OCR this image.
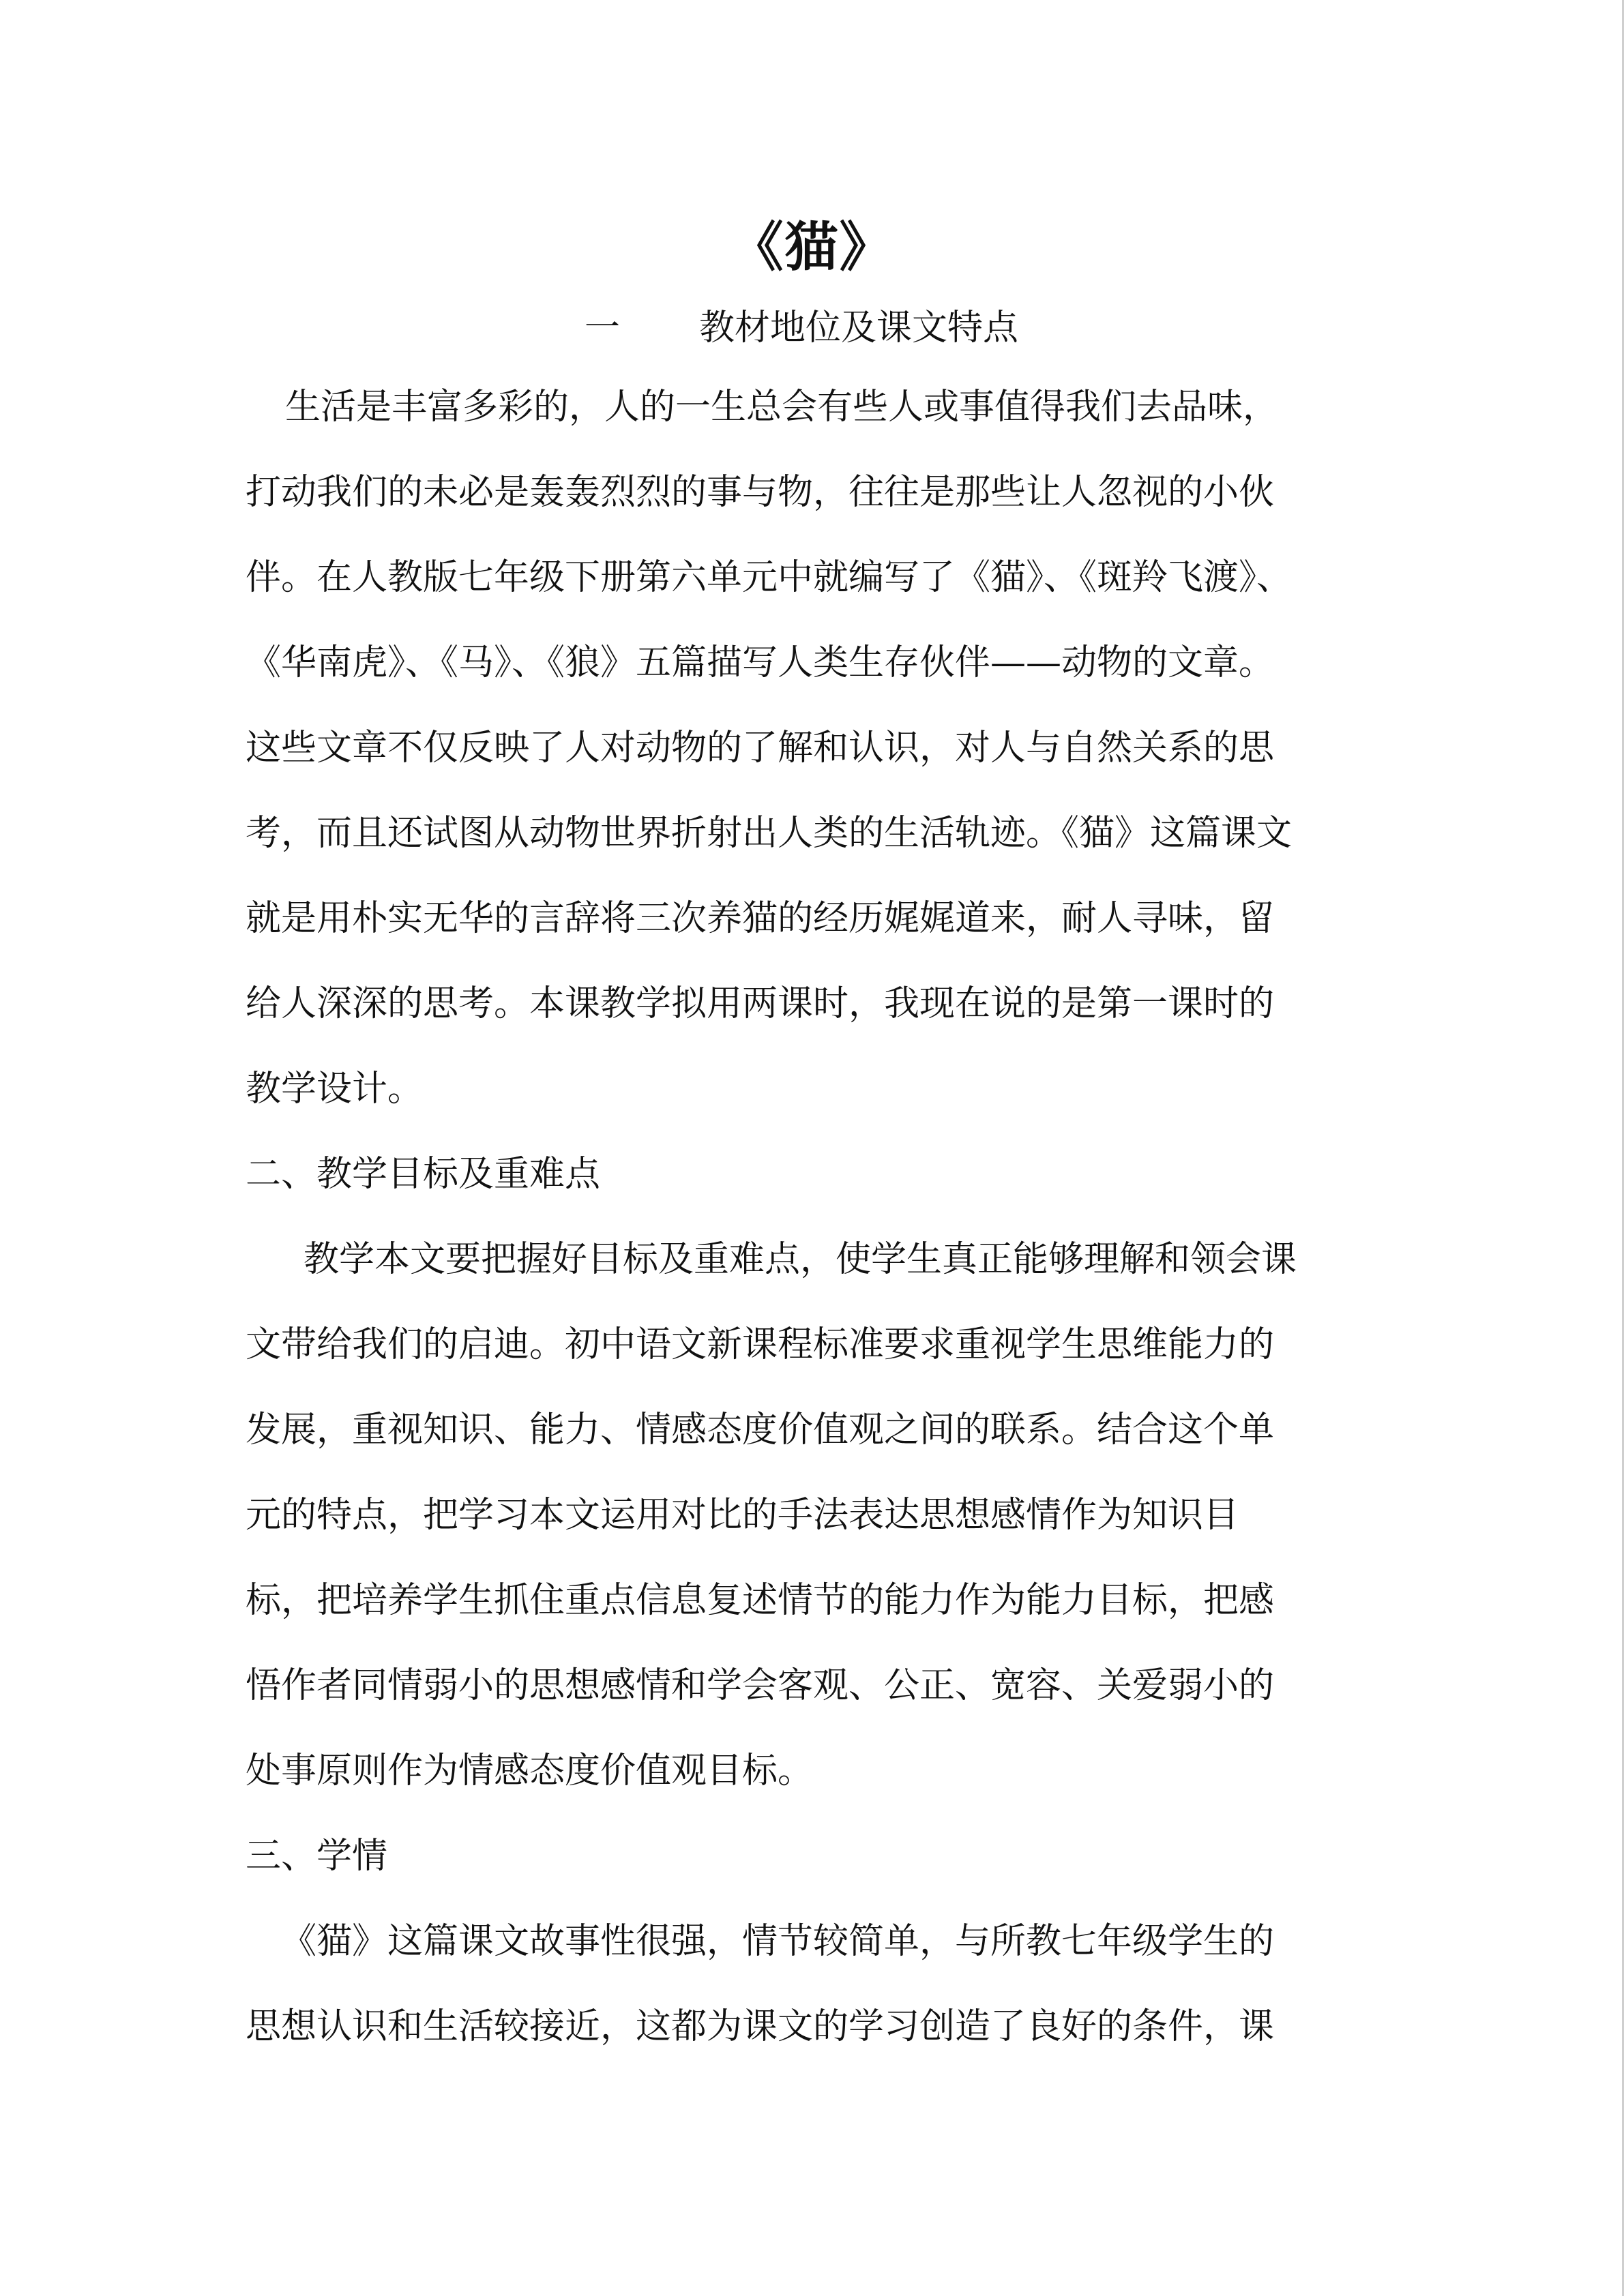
《猫》
一 教材地位及课文特点
生活是丰富多彩的，人的一生总会有些人或事值得我们去品味，
打动我们的未必是轰轰烈烈的事与物，往往是那些让人忽视的小伙
伴。在人教版七年级下册第六单元中就编写了《猫》、《斑羚飞渡》、
《华南虎》、《马》、《狼》五篇描写人类生存伙伴——动物的文章。
这些文章不仅反映了人对动物的了解和认识，对人与自然关系的思
考，而且还试图从动物世界折射出人类的生活轨迹。《猫》这篇课文
就是用朴实无华的言辞将三次养猫的经历娓娓道来，耐人寻味，留
给人深深的思考。本课教学拟用两课时，我现在说的是第一课时的
教学设计。
二、教学目标及重难点
教学本文要把握好目标及重难点，使学生真正能够理解和领会课
文带给我们的启迪。初中语文新课程标准要求重视学生思维能力的
发展，重视知识、能力、情感态度价值观之间的联系。结合这个单
元的特点，把学习本文运用对比的手法表达思想感情作为知识目
标，把培养学生抓住重点信息复述情节的能力作为能力目标，把感
悟作者同情弱小的思想感情和学会客观、公正、宽容、关爱弱小的
处事原则作为情感态度价值观目标。
三、学情
《猫》这篇课文故事性很强，情节较简单，与所教七年级学生的
思想认识和生活较接近，这都为课文的学习创造了良好的条件，课
